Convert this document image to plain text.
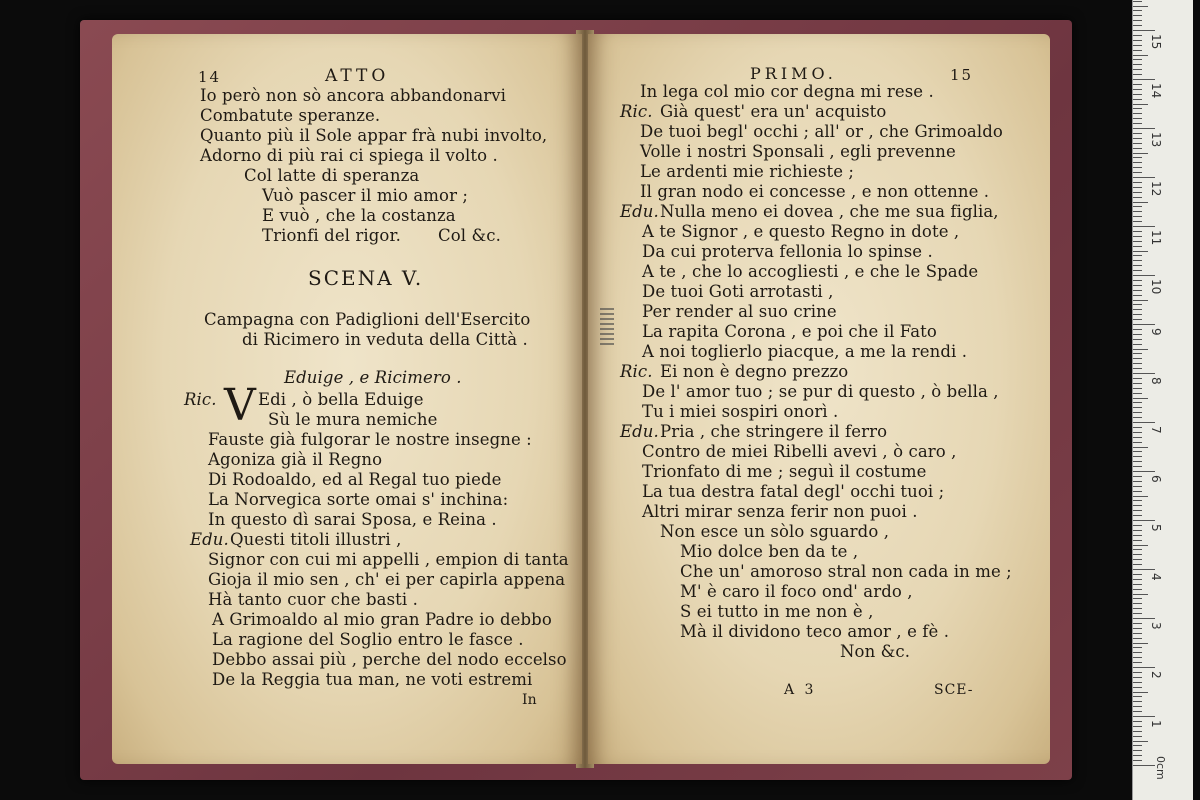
14	ATTO
Io però non sò ancora abbandonarvi
Combatute speranze.
Quanto più il Sole appar frà nubi involto,
Adorno di più rai ci spiega il volto .
Col latte di speranza
Vuò pascer il mio amor ;
E vuò , che la costanza
Trionfi del rigor. Col &c.
SCENA V.
Campagna con Padiglioni dell'Esercito
di Ricimero in veduta della Città .
Eduige , e Ricimero .
Ric. V Edi , ò bella Eduige
Sù le mura nemiche
Fauste già fulgorar le nostre insegne :
Agoniza già il Regno
Di Rodoaldo, ed al Regal tuo piede
La Norvegica sorte omai s' inchina:
In questo dì sarai Sposa, e Reina .
Edu. Questi titoli illustri ,
Signor con cui mi appelli , empion di tanta
Gioja il mio sen , ch' ei per capirla appena
Hà tanto cuor che basti .
A Grimoaldo al mio gran Padre io debbo
La ragione del Soglio entro le fasce .
Debbo assai più , perche del nodo eccelso
De la Reggia tua man, ne voti estremi
In
PRIMO.	15
In lega col mio cor degna mi rese .
Ric. Già quest' era un' acquisto
De tuoi begl' occhi ; all' or , che Grimoaldo
Volle i nostri Sponsali , egli prevenne
Le ardenti mie richieste ;
Il gran nodo ei concesse , e non ottenne .
Edu. Nulla meno ei dovea , che me sua figlia,
A te Signor , e questo Regno in dote ,
Da cui proterva fellonia lo spinse .
A te , che lo accogliesti , e che le Spade
De tuoi Goti arrotasti ,
Per render al suo crine
La rapita Corona , e poi che il Fato
A noi toglierlo piacque, a me la rendi .
Ric. Ei non è degno prezzo
De l' amor tuo ; se pur di questo , ò bella ,
Tu i miei sospiri onorì .
Edu. Pria , che stringere il ferro
Contro de miei Ribelli avevi , ò caro ,
Trionfato di me ; seguì il costume
La tua destra fatal degl' occhi tuoi ;
Altri mirar senza ferir non puoi .
Non esce un sòlo sguardo ,
Mio dolce ben da te ,
Che un' amoroso stral non cada in me ;
M' è caro il foco ond' ardo ,
S ei tutto in me non è ,
Mà il dividono teco amor , e fè .
Non &c.
A 3	SCE-
15
14
13
12
11
10
9
8
7
6
5
4
3
2
1
0cm
